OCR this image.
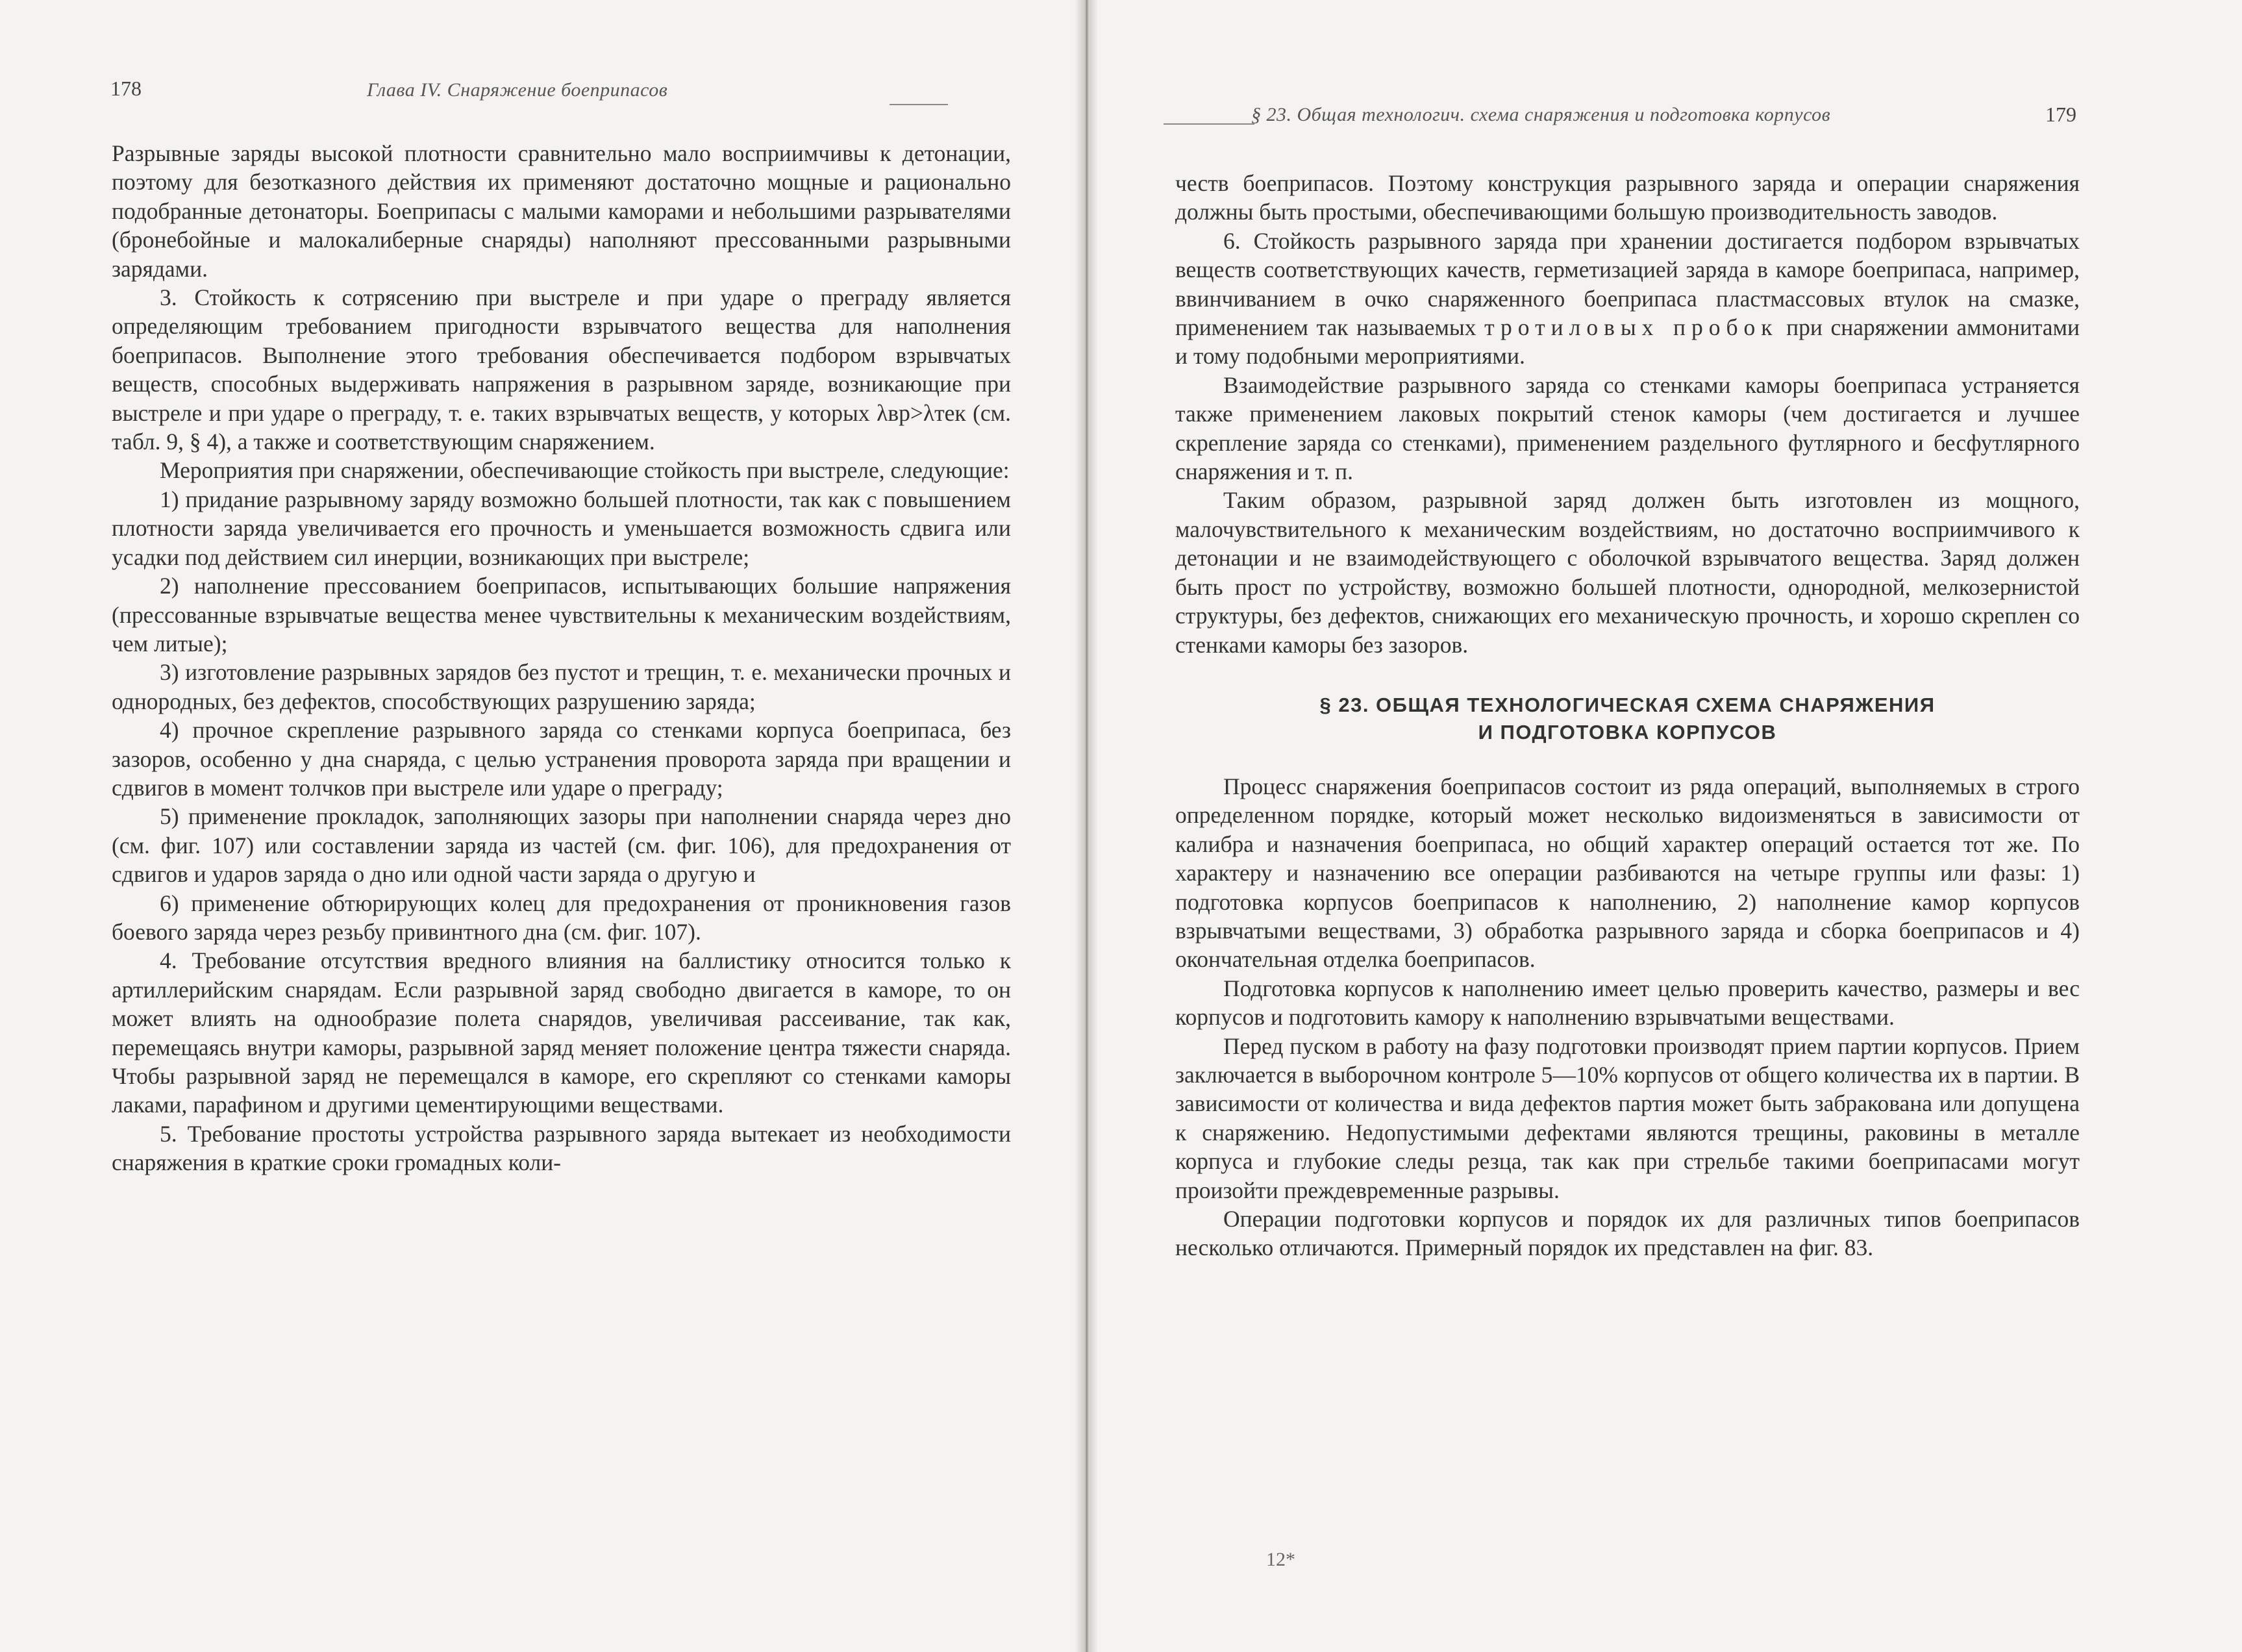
178	Глава IV. Снаряжение боеприпасов

Разрывные заряды высокой плотности сравнительно мало восприимчивы к детонации, поэтому для безотказного действия их применяют достаточно мощные и рационально подобранные детонаторы. Боеприпасы с малыми каморами и небольшими разрывателями (бронебойные и малокалиберные снаряды) наполняют прессованными разрывными зарядами.

3. Стойкость к сотрясению при выстреле и при ударе о преграду является определяющим требованием пригодности взрывчатого вещества для наполнения боеприпасов. Выполнение этого требования обеспечивается подбором взрывчатых веществ, способных выдерживать напряжения в разрывном заряде, возникающие при выстреле и при ударе о преграду, т. е. таких взрывчатых веществ, у которых λвр>λтек (см. табл. 9, § 4), а также и соответствующим снаряжением.

Мероприятия при снаряжении, обеспечивающие стойкость при выстреле, следующие:

1) придание разрывному заряду возможно большей плотности, так как с повышением плотности заряда увеличивается его прочность и уменьшается возможность сдвига или усадки под действием сил инерции, возникающих при выстреле;

2) наполнение прессованием боеприпасов, испытывающих большие напряжения (прессованные взрывчатые вещества менее чувствительны к механическим воздействиям, чем литые);

3) изготовление разрывных зарядов без пустот и трещин, т. е. механически прочных и однородных, без дефектов, способствующих разрушению заряда;

4) прочное скрепление разрывного заряда со стенками корпуса боеприпаса, без зазоров, особенно у дна снаряда, с целью устранения проворота заряда при вращении и сдвигов в момент толчков при выстреле или ударе о преграду;

5) применение прокладок, заполняющих зазоры при наполнении снаряда через дно (см. фиг. 107) или составлении заряда из частей (см. фиг. 106), для предохранения от сдвигов и ударов заряда о дно или одной части заряда о другую и

6) применение обтюрирующих колец для предохранения от проникновения газов боевого заряда через резьбу привинтного дна (см. фиг. 107).

4. Требование отсутствия вредного влияния на баллистику относится только к артиллерийским снарядам. Если разрывной заряд свободно двигается в каморе, то он может влиять на однообразие полета снарядов, увеличивая рассеивание, так как, перемещаясь внутри каморы, разрывной заряд меняет положение центра тяжести снаряда. Чтобы разрывной заряд не перемещался в каморе, его скрепляют со стенками каморы лаками, парафином и другими цементирующими веществами.

5. Требование простоты устройства разрывного заряда вытекает из необходимости снаряжения в краткие сроки громадных коли-

§ 23. Общая технологич. схема снаряжения и подготовка корпусов	179

честв боеприпасов. Поэтому конструкция разрывного заряда и операции снаряжения должны быть простыми, обеспечивающими большую производительность заводов.

6. Стойкость разрывного заряда при хранении достигается подбором взрывчатых веществ соответствующих качеств, герметизацией заряда в каморе боеприпаса, например, ввинчиванием в очко снаряженного боеприпаса пластмассовых втулок на смазке, применением так называемых тротиловых пробок при снаряжении аммонитами и тому подобными мероприятиями.

Взаимодействие разрывного заряда со стенками каморы боеприпаса устраняется также применением лаковых покрытий стенок каморы (чем достигается и лучшее скрепление заряда со стенками), применением раздельного футлярного и бесфутлярного снаряжения и т. п.

Таким образом, разрывной заряд должен быть изготовлен из мощного, малочувствительного к механическим воздействиям, но достаточно восприимчивого к детонации и не взаимодействующего с оболочкой взрывчатого вещества. Заряд должен быть прост по устройству, возможно большей плотности, однородной, мелкозернистой структуры, без дефектов, снижающих его механическую прочность, и хорошо скреплен со стенками каморы без зазоров.

§ 23. ОБЩАЯ ТЕХНОЛОГИЧЕСКАЯ СХЕМА СНАРЯЖЕНИЯ
И ПОДГОТОВКА КОРПУСОВ

Процесс снаряжения боеприпасов состоит из ряда операций, выполняемых в строго определенном порядке, который может несколько видоизменяться в зависимости от калибра и назначения боеприпаса, но общий характер операций остается тот же. По характеру и назначению все операции разбиваются на четыре группы или фазы: 1) подготовка корпусов боеприпасов к наполнению, 2) наполнение камор корпусов взрывчатыми веществами, 3) обработка разрывного заряда и сборка боеприпасов и 4) окончательная отделка боеприпасов.

Подготовка корпусов к наполнению имеет целью проверить качество, размеры и вес корпусов и подготовить камору к наполнению взрывчатыми веществами.

Перед пуском в работу на фазу подготовки производят прием партии корпусов. Прием заключается в выборочном контроле 5—10% корпусов от общего количества их в партии. В зависимости от количества и вида дефектов партия может быть забракована или допущена к снаряжению. Недопустимыми дефектами являются трещины, раковины в металле корпуса и глубокие следы резца, так как при стрельбе такими боеприпасами могут произойти преждевременные разрывы.

Операции подготовки корпусов и порядок их для различных типов боеприпасов несколько отличаются. Примерный порядок их представлен на фиг. 83.

12*
